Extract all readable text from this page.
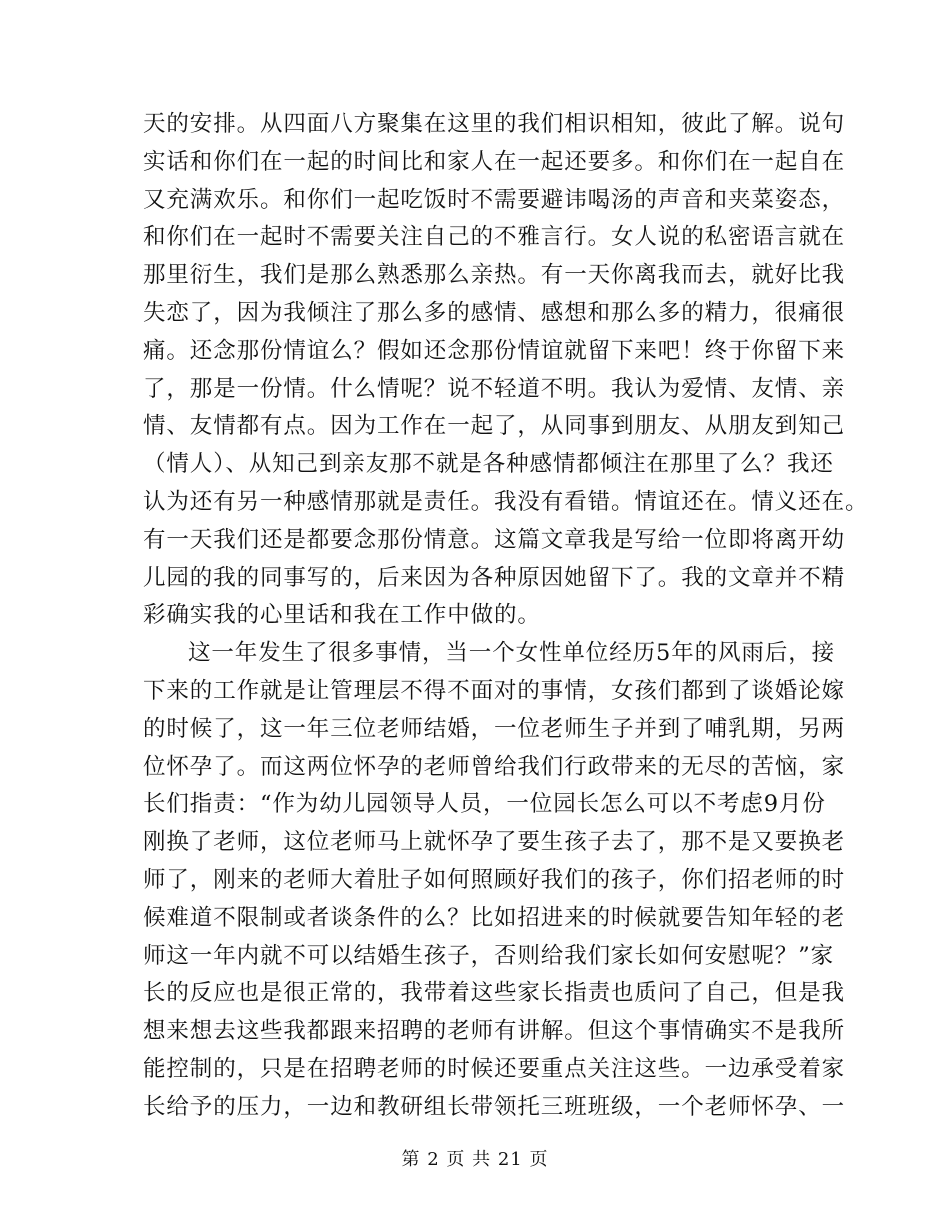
天的安排。从四面八方聚集在这里的我们相识相知，彼此了解。说句
实话和你们在一起的时间比和家人在一起还要多。和你们在一起自在
又充满欢乐。和你们一起吃饭时不需要避讳喝汤的声音和夹菜姿态，
和你们在一起时不需要关注自己的不雅言行。女人说的私密语言就在
那里衍生，我们是那么熟悉那么亲热。有一天你离我而去，就好比我
失恋了，因为我倾注了那么多的感情、感想和那么多的精力，很痛很
痛。还念那份情谊么？假如还念那份情谊就留下来吧！终于你留下来
了，那是一份情。什么情呢？说不轻道不明。我认为爱情、友情、亲
情、友情都有点。因为工作在一起了，从同事到朋友、从朋友到知己
（情人）、从知己到亲友那不就是各种感情都倾注在那里了么？我还
认为还有另一种感情那就是责任。我没有看错。情谊还在。情义还在。
有一天我们还是都要念那份情意。这篇文章我是写给一位即将离开幼
儿园的我的同事写的，后来因为各种原因她留下了。我的文章并不精
彩确实我的心里话和我在工作中做的。
这一年发生了很多事情，当一个女性单位经历5年的风雨后，接
下来的工作就是让管理层不得不面对的事情，女孩们都到了谈婚论嫁
的时候了，这一年三位老师结婚，一位老师生子并到了哺乳期，另两
位怀孕了。而这两位怀孕的老师曾给我们行政带来的无尽的苦恼，家
长们指责：“作为幼儿园领导人员，一位园长怎么可以不考虑9月份
刚换了老师，这位老师马上就怀孕了要生孩子去了，那不是又要换老
师了，刚来的老师大着肚子如何照顾好我们的孩子，你们招老师的时
候难道不限制或者谈条件的么？比如招进来的时候就要告知年轻的老
师这一年内就不可以结婚生孩子，否则给我们家长如何安慰呢？”家
长的反应也是很正常的，我带着这些家长指责也质问了自己，但是我
想来想去这些我都跟来招聘的老师有讲解。但这个事情确实不是我所
能控制的，只是在招聘老师的时候还要重点关注这些。一边承受着家
长给予的压力，一边和教研组长带领托三班班级，一个老师怀孕、一
第 2 页 共 21 页
